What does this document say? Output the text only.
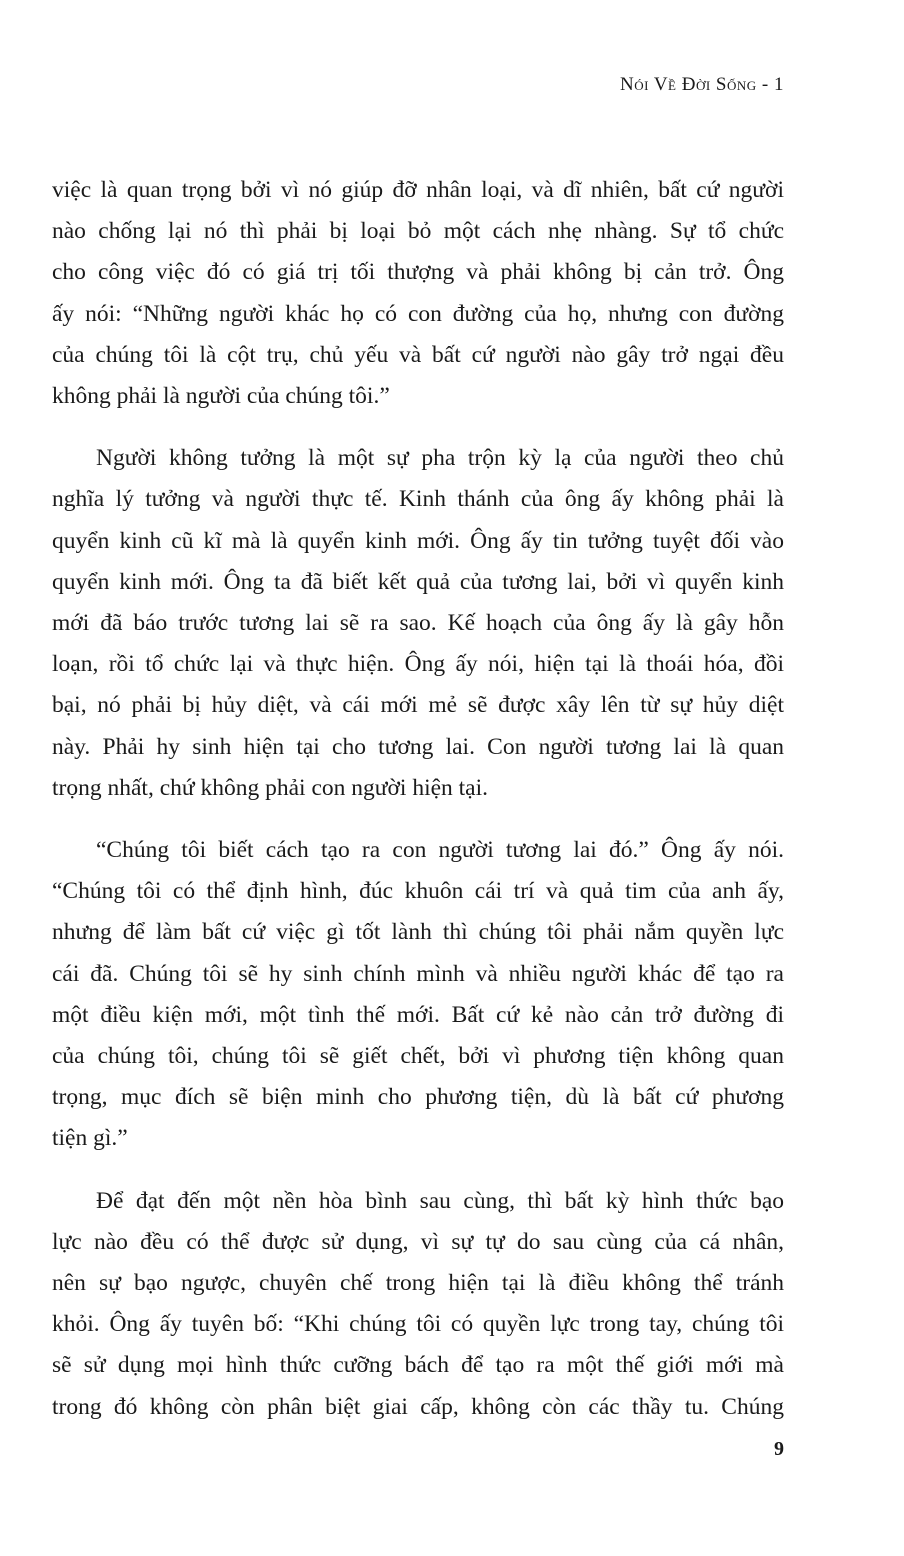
Nói Về Đời Sống - 1

việc là quan trọng bởi vì nó giúp đỡ nhân loại, và dĩ nhiên, bất cứ người
nào chống lại nó thì phải bị loại bỏ một cách nhẹ nhàng. Sự tổ chức
cho công việc đó có giá trị tối thượng và phải không bị cản trở. Ông
ấy nói: “Những người khác họ có con đường của họ, nhưng con đường
của chúng tôi là cột trụ, chủ yếu và bất cứ người nào gây trở ngại đều
không phải là người của chúng tôi.”

Người không tưởng là một sự pha trộn kỳ lạ của người theo chủ
nghĩa lý tưởng và người thực tế. Kinh thánh của ông ấy không phải là
quyển kinh cũ kĩ mà là quyển kinh mới. Ông ấy tin tưởng tuyệt đối vào
quyển kinh mới. Ông ta đã biết kết quả của tương lai, bởi vì quyển kinh
mới đã báo trước tương lai sẽ ra sao. Kế hoạch của ông ấy là gây hỗn
loạn, rồi tổ chức lại và thực hiện. Ông ấy nói, hiện tại là thoái hóa, đồi
bại, nó phải bị hủy diệt, và cái mới mẻ sẽ được xây lên từ sự hủy diệt
này. Phải hy sinh hiện tại cho tương lai. Con người tương lai là quan
trọng nhất, chứ không phải con người hiện tại.

“Chúng tôi biết cách tạo ra con người tương lai đó.” Ông ấy nói.
“Chúng tôi có thể định hình, đúc khuôn cái trí và quả tim của anh ấy,
nhưng để làm bất cứ việc gì tốt lành thì chúng tôi phải nắm quyền lực
cái đã. Chúng tôi sẽ hy sinh chính mình và nhiều người khác để tạo ra
một điều kiện mới, một tình thế mới. Bất cứ kẻ nào cản trở đường đi
của chúng tôi, chúng tôi sẽ giết chết, bởi vì phương tiện không quan
trọng, mục đích sẽ biện minh cho phương tiện, dù là bất cứ phương
tiện gì.”

Để đạt đến một nền hòa bình sau cùng, thì bất kỳ hình thức bạo
lực nào đều có thể được sử dụng, vì sự tự do sau cùng của cá nhân,
nên sự bạo ngược, chuyên chế trong hiện tại là điều không thể tránh
khỏi. Ông ấy tuyên bố: “Khi chúng tôi có quyền lực trong tay, chúng tôi
sẽ sử dụng mọi hình thức cưỡng bách để tạo ra một thế giới mới mà
trong đó không còn phân biệt giai cấp, không còn các thầy tu. Chúng

9
